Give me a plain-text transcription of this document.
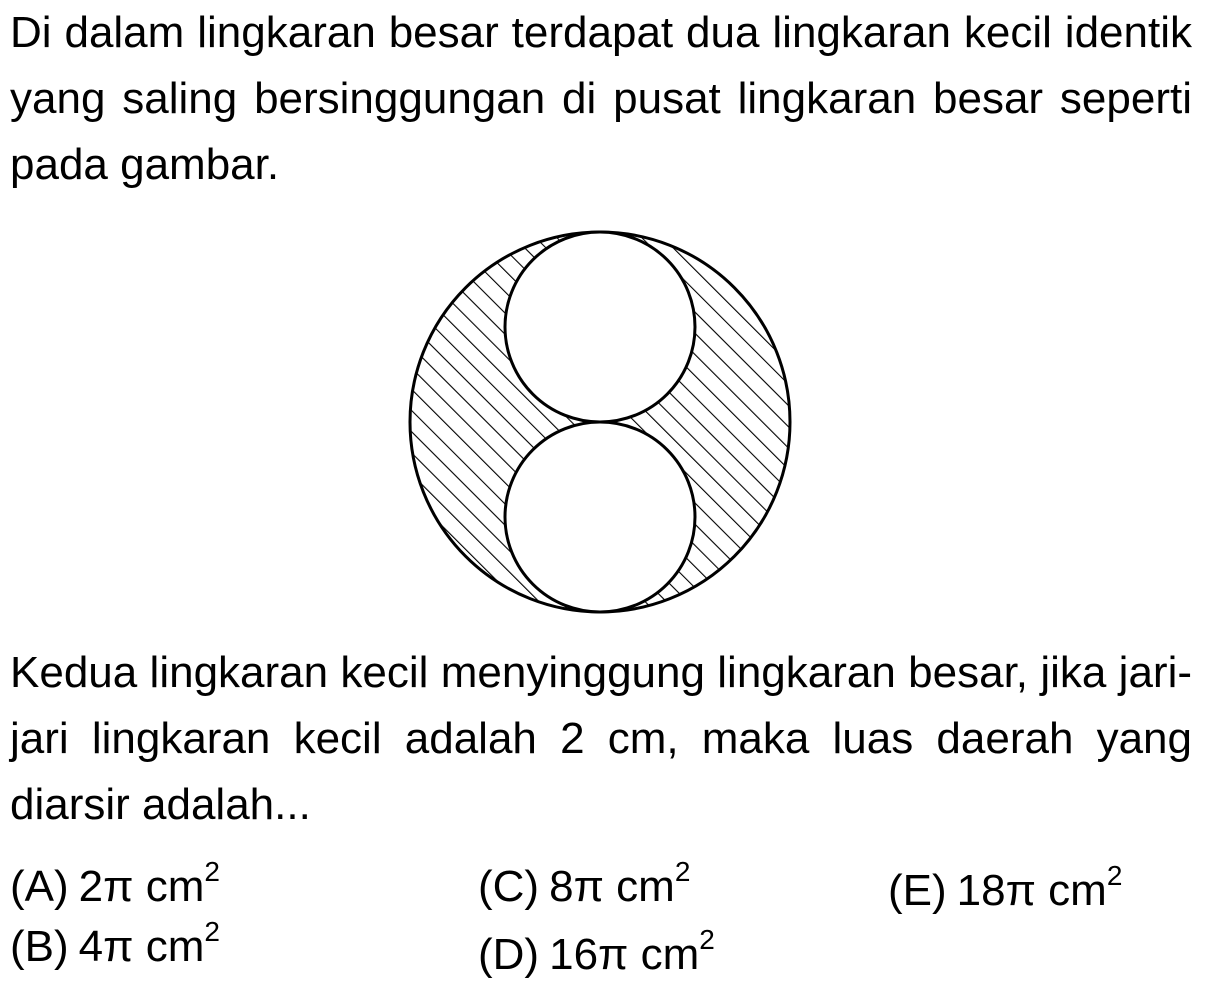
Di dalam lingkaran besar terdapat dua lingkaran kecil identik yang saling bersinggungan di pusat lingkaran besar seperti pada gambar.

Kedua lingkaran kecil menyinggung lingkaran besar, jika jari-jari lingkaran kecil adalah 2 cm, maka luas daerah yang diarsir adalah...

(A) 2π $cm^2$
(B) 4π $cm^2$
(C) 8π $cm^2$
(D) 16π $cm^2$
(E) 18π $cm^2$
